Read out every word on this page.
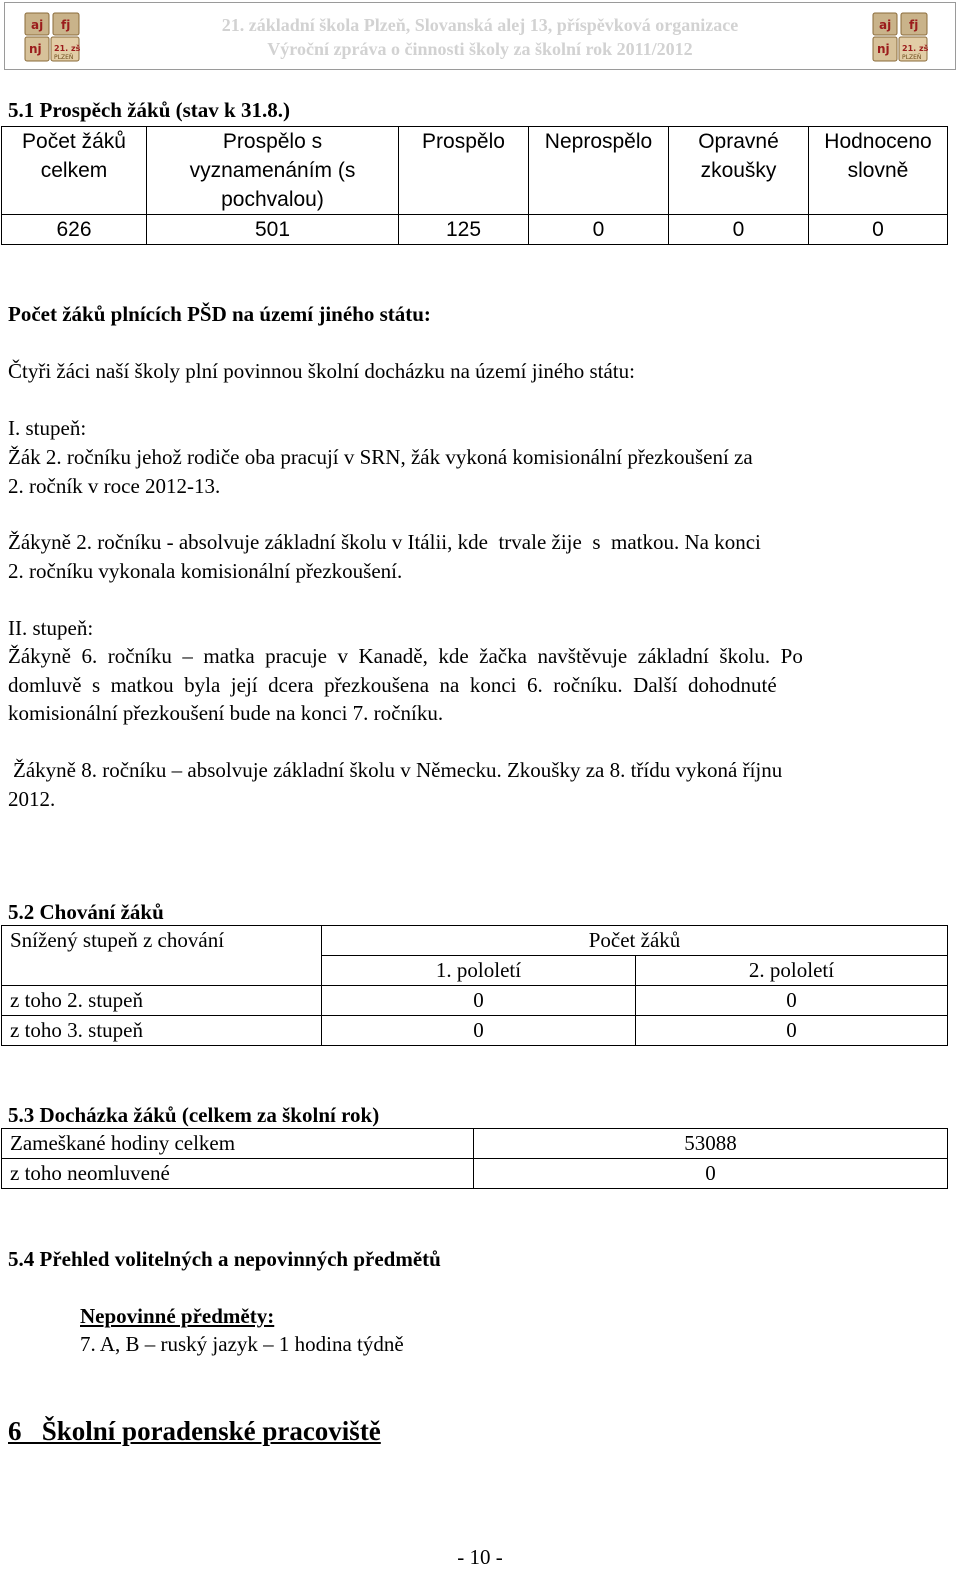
aj fj
nj 21. zš
PLZEŇ
21. základní škola Plzeň, Slovanská alej 13, příspěvková organizace
Výroční zpráva o činnosti školy za školní rok 2011/2012
aj fj
nj 21. zš
PLZEŇ
5.1 Prospěch žáků (stav k 31.8.)
Počet žáků celkem	Prospělo s vyznamenáním (s pochvalou)	Prospělo	Neprospělo	Opravné zkoušky	Hodnoceno slovně
626	501	125	0	0	0
Počet žáků plnících PŠD na území jiného státu:
Čtyři žáci naší školy plní povinnou školní docházku na území jiného státu:
I. stupeň:
Žák 2. ročníku jehož rodiče oba pracují v SRN, žák vykoná komisionální přezkoušení za
2. ročník v roce 2012-13.
Žákyně 2. ročníku - absolvuje základní školu v Itálii, kde  trvale žije  s  matkou. Na konci
2. ročníku vykonala komisionální přezkoušení.
II. stupeň:
Žákyně  6.  ročníku  –  matka  pracuje  v  Kanadě,  kde  žačka  navštěvuje  základní  školu.  Po
domluvě  s  matkou  byla  její  dcera  přezkoušena  na  konci  6.  ročníku.  Další  dohodnuté
komisionální přezkoušení bude na konci 7. ročníku.
Žákyně 8. ročníku – absolvuje základní školu v Německu. Zkoušky za 8. třídu vykoná říjnu
2012.
5.2 Chování žáků
Snížený stupeň z chování	Počet žáků	
	1. pololetí	2. pololetí
z toho 2. stupeň	0	0
z toho 3. stupeň	0	0
5.3 Docházka žáků (celkem za školní rok)
Zameškané hodiny celkem	53088
z toho neomluvené	0
5.4 Přehled volitelných a nepovinných předmětů
Nepovinné předměty:
7. A, B – ruský jazyk – 1 hodina týdně
6   Školní poradenské pracoviště
- 10 -
